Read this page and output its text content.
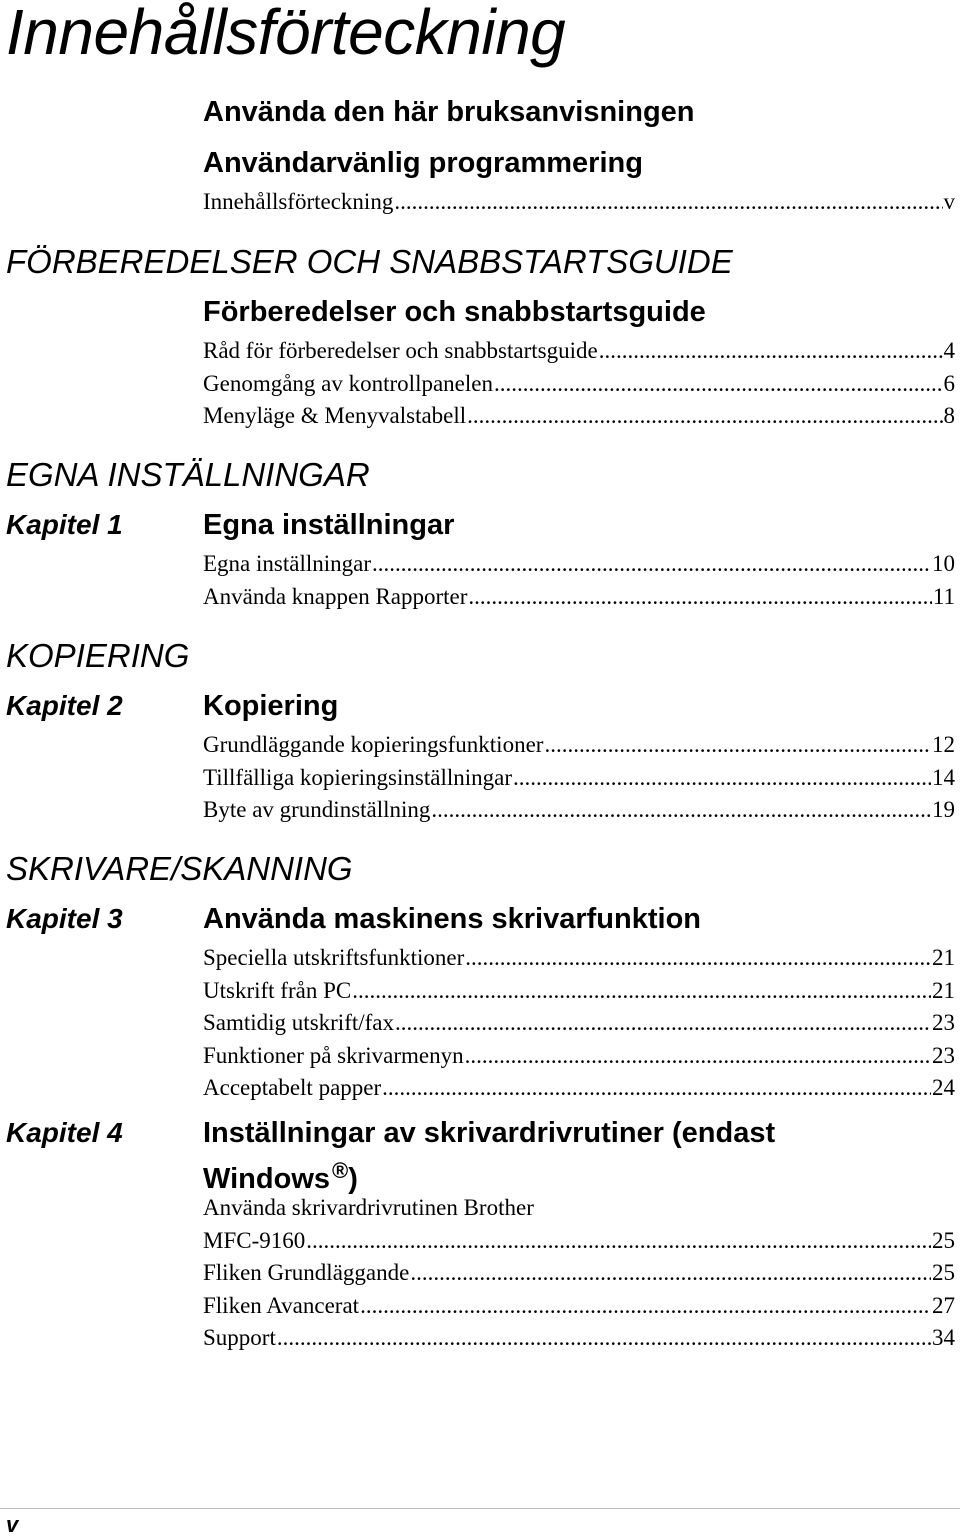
Innehållsförteckning
Använda den här bruksanvisningen
Användarvänlig programmering
Innehållsförteckning .....	v
FÖRBEREDELSER OCH SNABBSTARTSGUIDE
Förberedelser och snabbstartsguide
Råd för förberedelser och snabbstartsguide .....	4
Genomgång av kontrollpanelen .....	6
Menyläge & Menyvalstabell .....	8
EGNA INSTÄLLNINGAR
Kapitel 1	Egna inställningar
Egna inställningar .....	10
Använda knappen Rapporter .....	11
KOPIERING
Kapitel 2	Kopiering
Grundläggande kopieringsfunktioner .....	12
Tillfälliga kopieringsinställningar .....	14
Byte av grundinställning .....	19
SKRIVARE/SKANNING
Kapitel 3	Använda maskinens skrivarfunktion
Speciella utskriftsfunktioner .....	21
Utskrift från PC .....	21
Samtidig utskrift/fax .....	23
Funktioner på skrivarmenyn .....	23
Acceptabelt papper .....	24
Kapitel 4	Inställningar av skrivardrivrutiner (endast
Windows®)
Använda skrivardrivrutinen Brother
MFC-9160 .....	25
Fliken Grundläggande .....	25
Fliken Avancerat .....	27
Support .....	34
v
